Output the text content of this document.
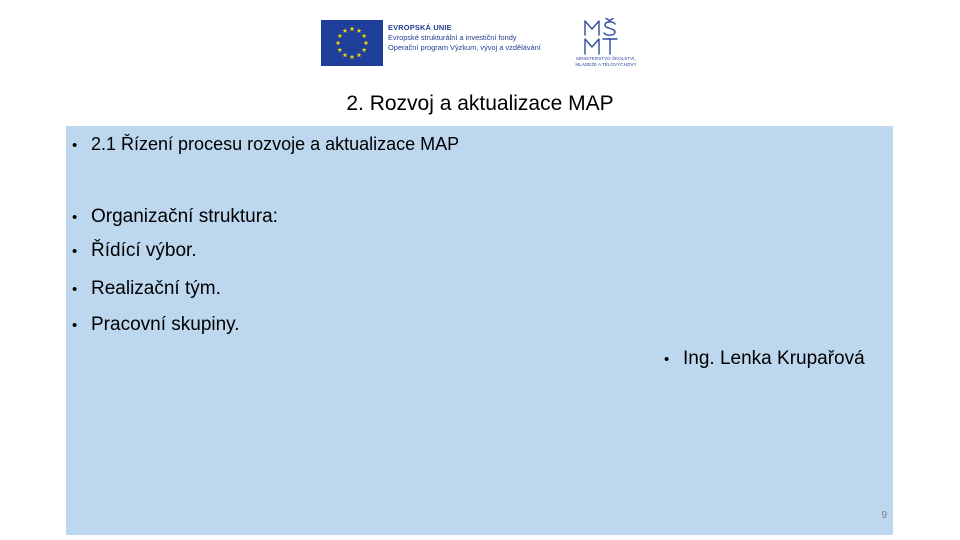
EVROPSKÁ UNIE
Evropské strukturální a investiční fondy
Operační program Výzkum, vývoj a vzdělávání
MINISTERSTVO ŠKOLSTVÍ,
MLÁDEŽE A TĚLOVÝCHOVY
2. Rozvoj a aktualizace MAP
• 2.1 Řízení procesu rozvoje a aktualizace MAP
• Organizační struktura:
• Řídící výbor.
• Realizační tým.
• Pracovní skupiny.
• Ing. Lenka Krupařová
9
